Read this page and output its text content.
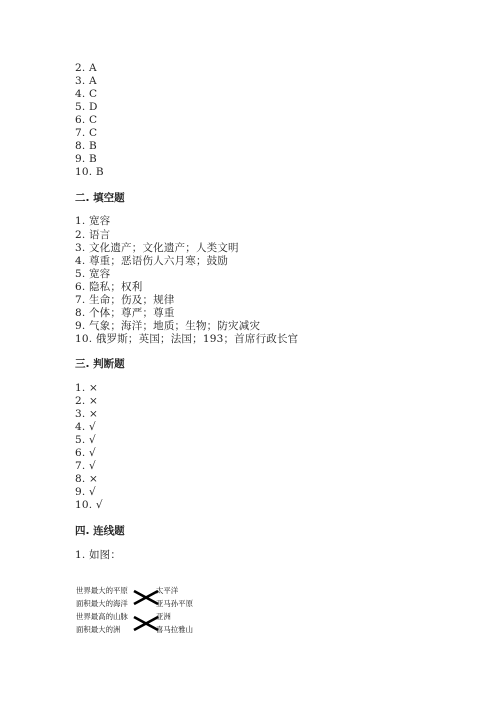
2. A
3. A
4. C
5. D
6. C
7. C
8. B
9. B
10. B
二. 填空题
1. 宽容
2. 语言
3. 文化遗产；文化遗产；人类文明
4. 尊重；恶语伤人六月寒；鼓励
5. 宽容
6. 隐私；权利
7. 生命；伤及；规律
8. 个体；尊严；尊重
9. 气象；海洋；地质；生物；防灾减灾
10. 俄罗斯；英国；法国；193；首席行政长官
三. 判断题
1. ×
2. ×
3. ×
4. √
5. √
6. √
7. √
8. ×
9. √
10. √
四. 连线题
1. 如图：
世界最大的平原
面积最大的海洋
世界最高的山脉
面积最大的洲
太平洋
亚马孙平原
亚洲
喜马拉雅山
